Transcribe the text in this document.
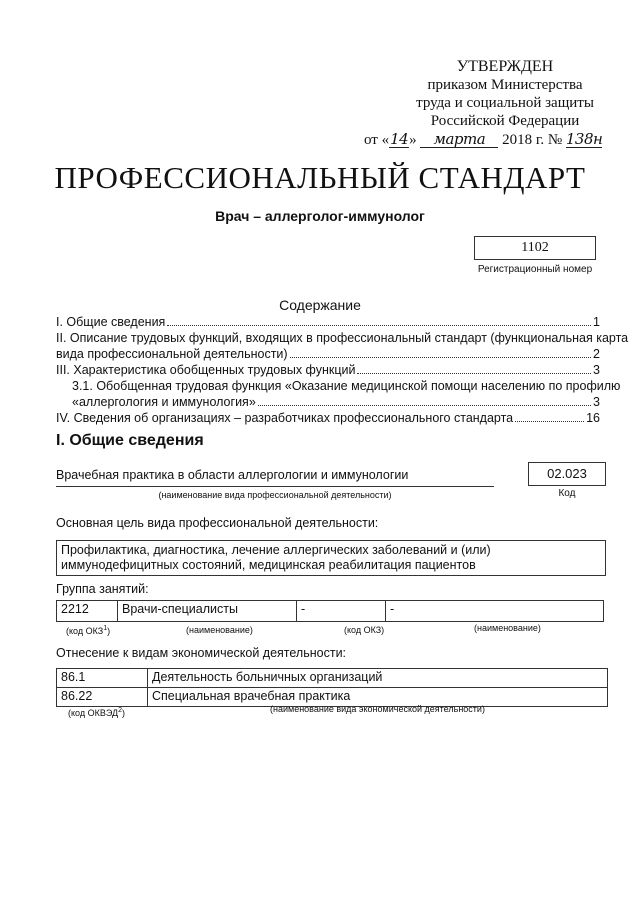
УТВЕРЖДЕН
приказом Министерства
труда и социальной защиты
Российской Федерации
от «14» марта 2018 г. № 138н
ПРОФЕССИОНАЛЬНЫЙ СТАНДАРТ
Врач – аллерголог-иммунолог
1102
Регистрационный номер
Содержание
I. Общие сведения	1
II. Описание трудовых функций, входящих в профессиональный стандарт (функциональная карта
вида профессиональной деятельности)	2
III. Характеристика обобщенных трудовых функций	3
3.1. Обобщенная трудовая функция «Оказание медицинской помощи населению по профилю
«аллергология и иммунология»	3
IV. Сведения об организациях – разработчиках профессионального стандарта	16
I. Общие сведения
Врачебная практика в области аллергологии и иммунологии
(наименование вида профессиональной деятельности)
02.023
Код
Основная цель вида профессиональной деятельности:
Профилактика, диагностика, лечение аллергических заболеваний и (или) иммунодефицитных состояний, медицинская реабилитация пациентов
Группа занятий:
2212	Врачи-специалисты	-	-
(код ОКЗ$^1$)	(наименование)	(код ОКЗ)	(наименование)
Отнесение к видам экономической деятельности:
86.1	Деятельность больничных организаций
86.22	Специальная врачебная практика
(код ОКВЭД$^2$)	(наименование вида экономической деятельности)
